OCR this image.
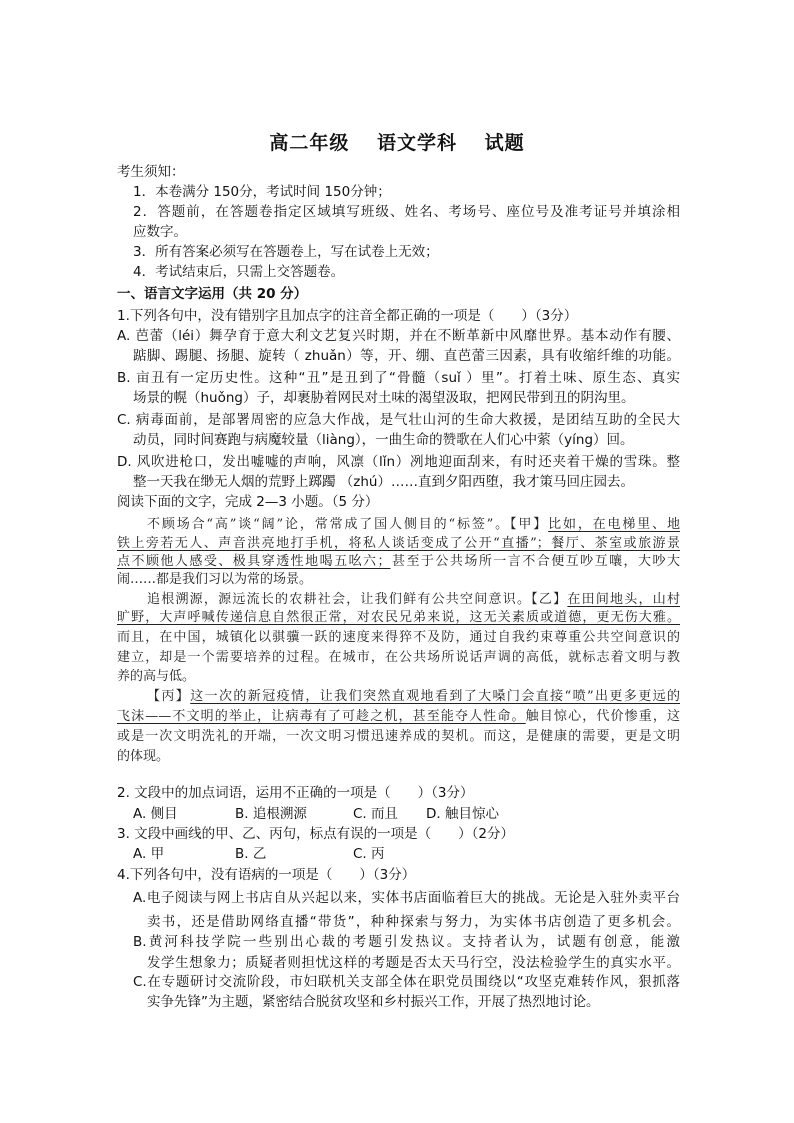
高二年级 语文学科 试题
考生须知：
1．本卷满分 150分，考试时间 150分钟；
2．答题前，在答题卷指定区域填写班级、姓名、考场号、座位号及准考证号并填涂相
应数字。
3．所有答案必须写在答题卷上，写在试卷上无效；
4．考试结束后，只需上交答题卷。
一、语言文字运用（共 20 分）
1.下列各句中，没有错别字且加点字的注音全都正确的一项是（　　）（3分）
A. 芭蕾（léi）舞孕育于意大利文艺复兴时期，并在不断革新中风靡世界。基本动作有腰、
踮脚、踢腿、扬腿、旋转（ zhuǎn）等，开、绷、直芭蕾三因素，具有收缩纤维的功能。
B. 亩丑有一定历史性。这种“丑”是丑到了“骨髓（suǐ ）里”。打着土味、原生态、真实
场景的幌（huǒng）子，却裹胁着网民对土味的渴望汲取，把网民带到丑的阴沟里。
C. 病毒面前，是部署周密的应急大作战，是气壮山河的生命大救援，是团结互助的全民大
动员，同时间赛跑与病魔较量（liàng），一曲生命的赞歌在人们心中萦（yíng）回。
D. 风吹进枪口，发出嘘嘘的声响，风凛（lǐn）冽地迎面刮来，有时还夹着干燥的雪珠。整
整一天我在缈无人烟的荒野上踯躅 （zhú）……直到夕阳西堕，我才策马回庄园去。
阅读下面的文字，完成 2—3 小题。（5 分）
不顾场合“高”谈“阔”论，常常成了国人侧目的“标签”。【甲】比如，在电梯里、地
铁上旁若无人、声音洪亮地打手机，将私人谈话变成了公开“直播”；餐厅、茶室或旅游景
点不顾他人感受、极具穿透性地喝五吆六；甚至于公共场所一言不合便互吵互嚷，大吵大
闹……都是我们习以为常的场景。
追根溯源，源远流长的农耕社会，让我们鲜有公共空间意识。【乙】在田间地头，山村
旷野，大声呼喊传递信息自然很正常，对农民兄弟来说，这无关素质或道德，更无伤大雅。
而且，在中国，城镇化以骐骥一跃的速度来得猝不及防，通过自我约束尊重公共空间意识的
建立，却是一个需要培养的过程。在城市，在公共场所说话声调的高低，就标志着文明与教
养的高与低。
【丙】这一次的新冠疫情，让我们突然直观地看到了大嗓门会直接“喷”出更多更远的
飞沫——不文明的举止，让病毒有了可趁之机，甚至能夺人性命。触目惊心，代价惨重，这
或是一次文明洗礼的开端，一次文明习惯迅速养成的契机。而这，是健康的需要，更是文明
的体现。
2. 文段中的加点词语，运用不正确的一项是（　　）（3分）
A. 侧目	B. 追根溯源	C. 而且 D. 触目惊心
3. 文段中画线的甲、乙、丙句，标点有误的一项是（　　）（2分）
A. 甲	B. 乙	C. 丙
4.下列各句中，没有语病的一项是（　　）（3分）
A.电子阅读与网上书店自从兴起以来，实体书店面临着巨大的挑战。无论是入驻外卖平台
卖书，还是借助网络直播“带货”，种种探索与努力，为实体书店创造了更多机会。
B.黄河科技学院一些别出心裁的考题引发热议。支持者认为，试题有创意，能激
发学生想象力；质疑者则担忧这样的考题是否太天马行空，没法检验学生的真实水平。
C.在专题研讨交流阶段，市妇联机关支部全体在职党员围绕以“攻坚克难转作风，狠抓落
实争先锋”为主题，紧密结合脱贫攻坚和乡村振兴工作，开展了热烈地讨论。
